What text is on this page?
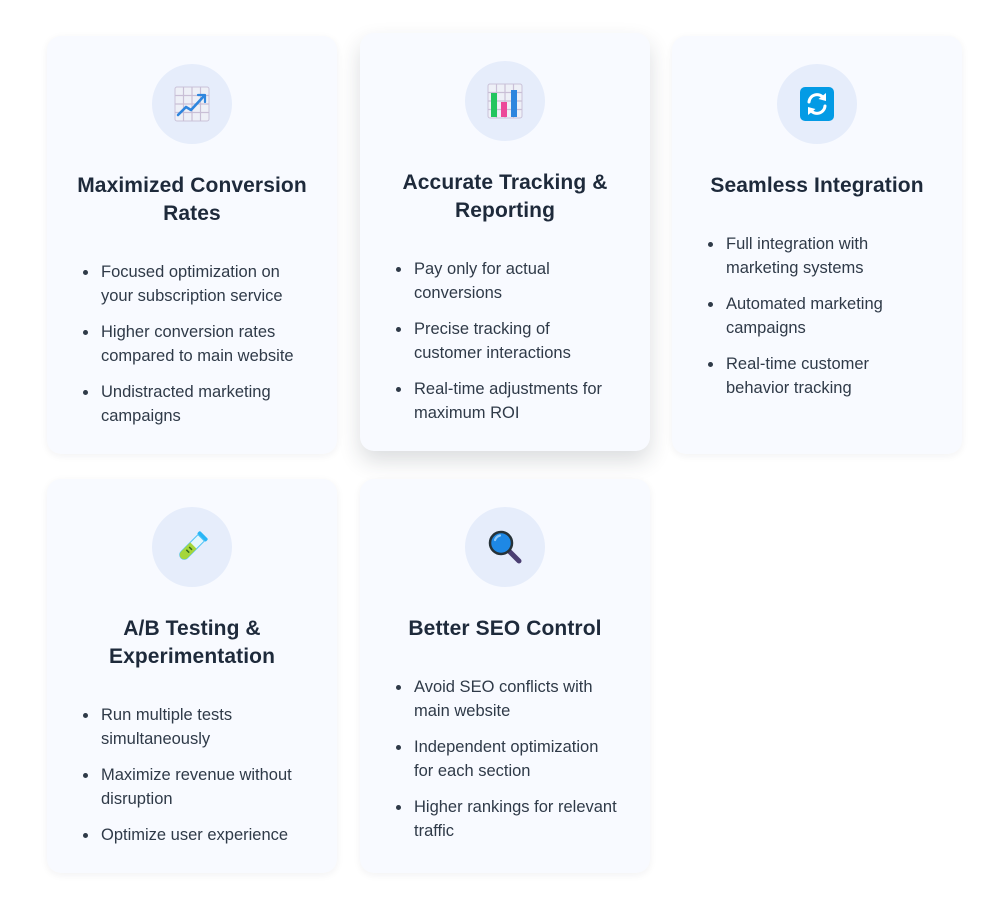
Maximized Conversion Rates
Focused optimization on your subscription service
Higher conversion rates compared to main website
Undistracted marketing campaigns
Accurate Tracking & Reporting
Pay only for actual conversions
Precise tracking of customer interactions
Real-time adjustments for maximum ROI
Seamless Integration
Full integration with marketing systems
Automated marketing campaigns
Real-time customer behavior tracking
A/B Testing & Experimentation
Run multiple tests simultaneously
Maximize revenue without disruption
Optimize user experience
Better SEO Control
Avoid SEO conflicts with main website
Independent optimization for each section
Higher rankings for relevant traffic
